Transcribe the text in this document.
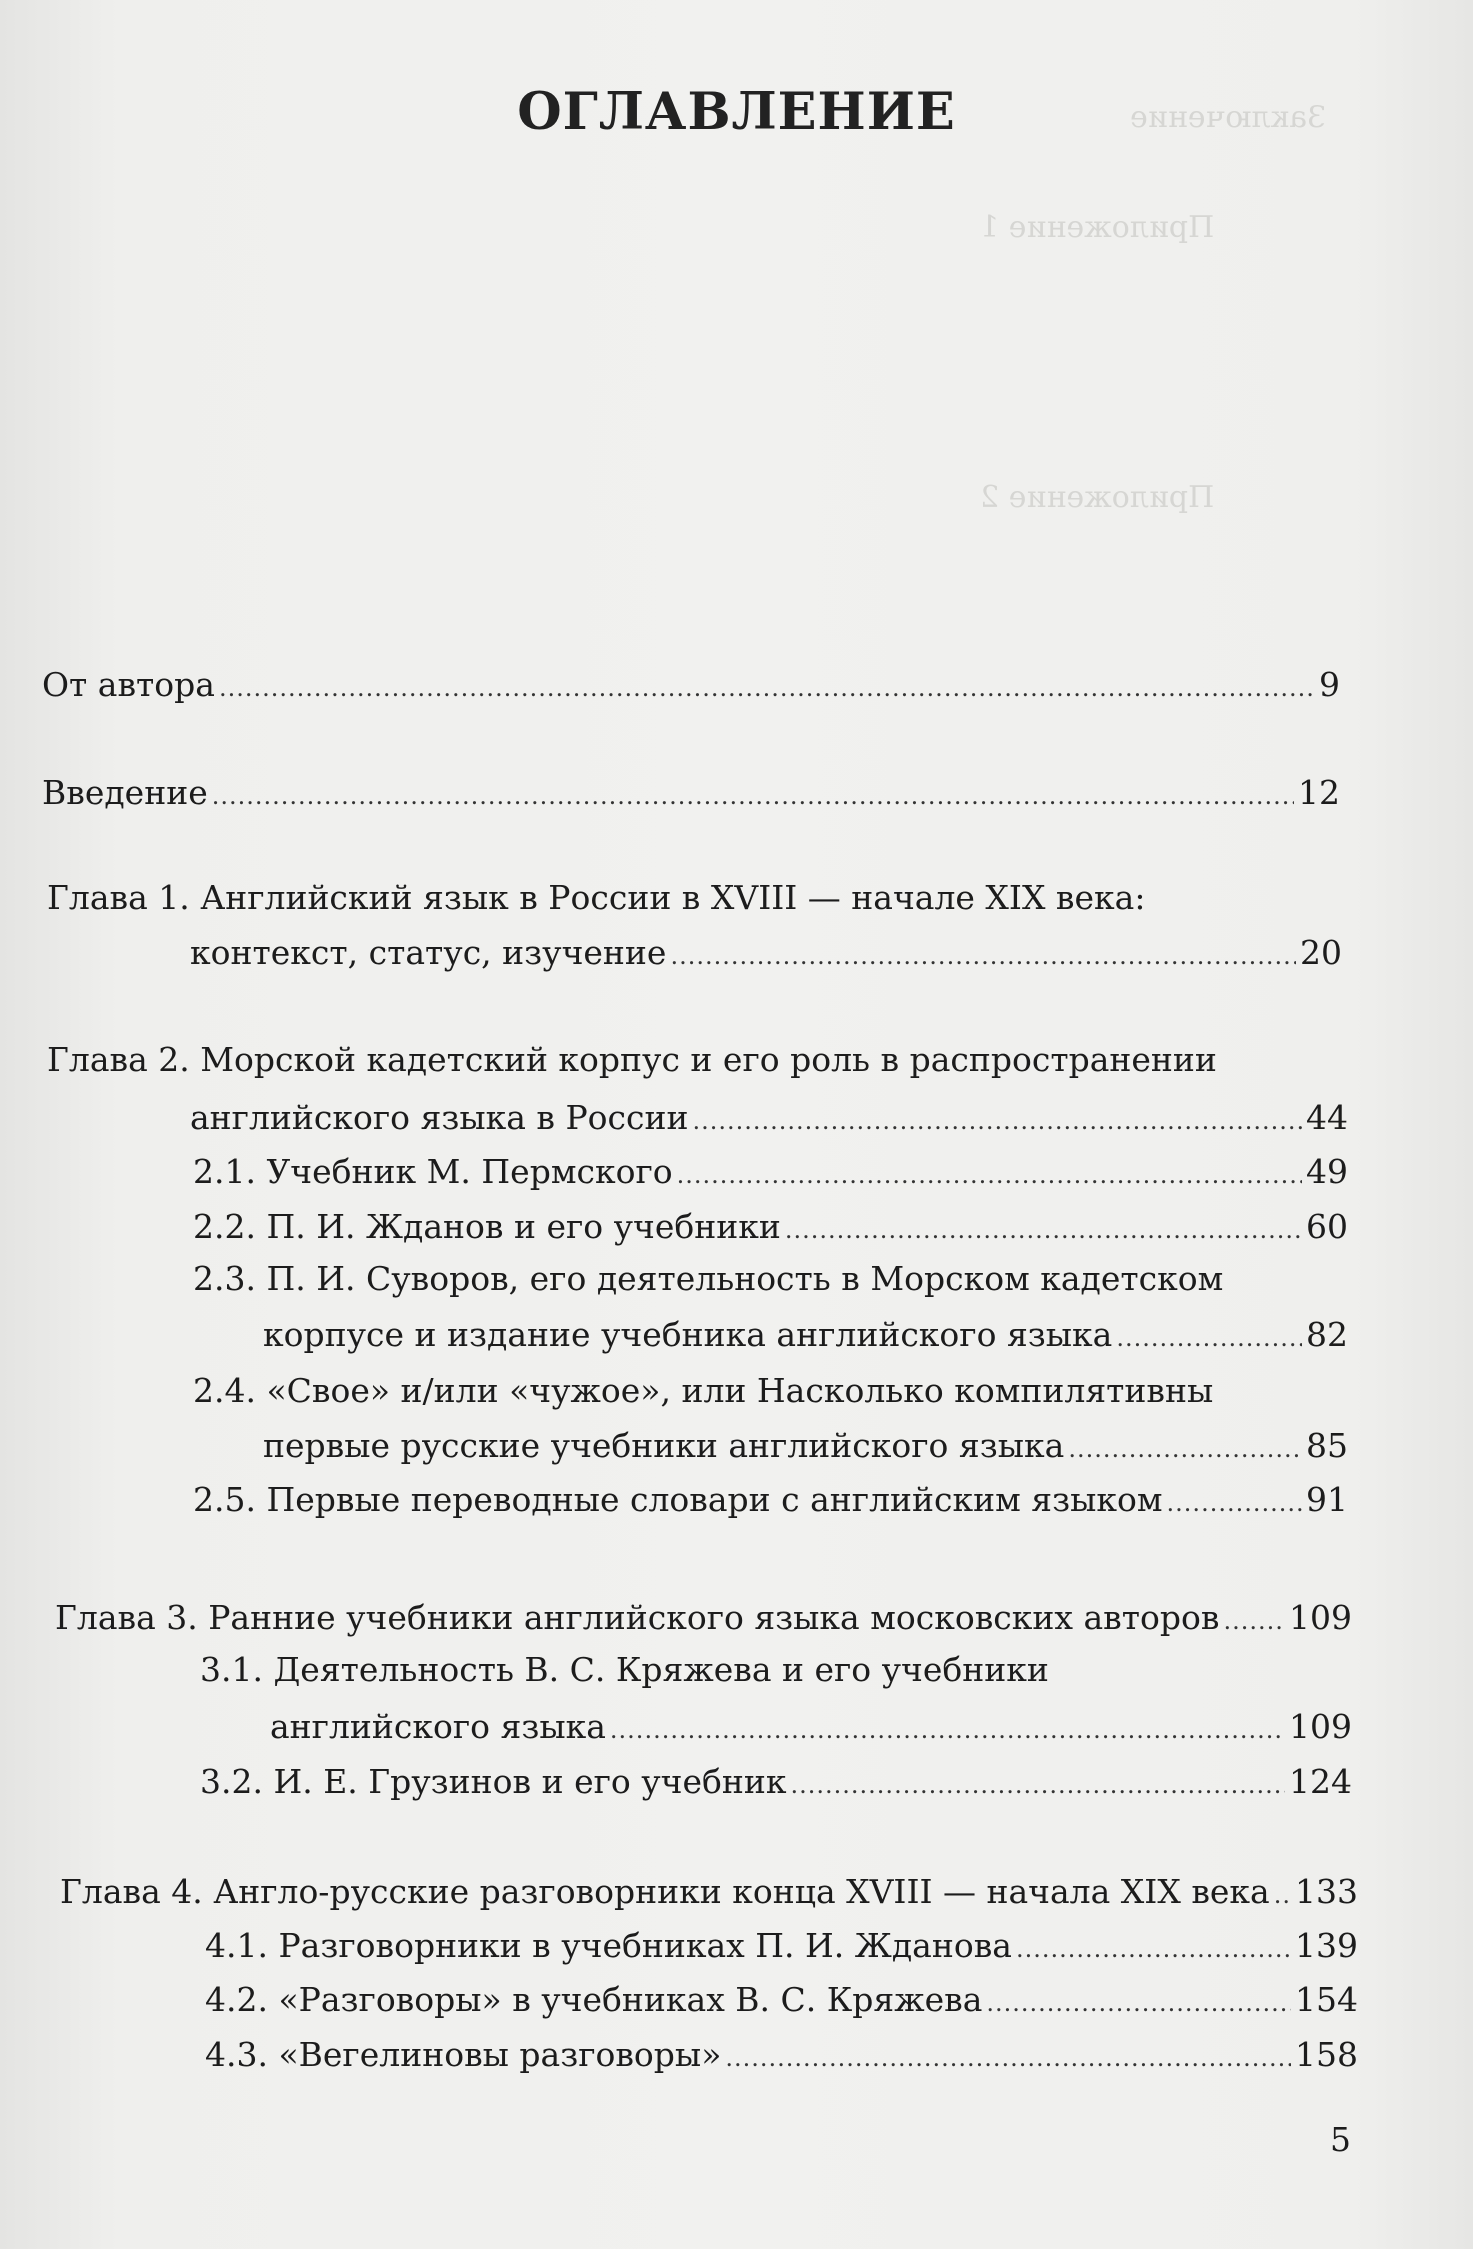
Заключение
Приложение 1
Приложение 2
ОГЛАВЛЕНИЕ
От автора .....	9
Введение .....	12
Глава 1. Английский язык в России в XVIII — начале XIX века:
контекст, статус, изучение .....	20
Глава 2. Морской кадетский корпус и его роль в распространении
английского языка в России .....	44
2.1. Учебник М. Пермского .....	49
2.2. П. И. Жданов и его учебники .....	60
2.3. П. И. Суворов, его деятельность в Морском кадетском
корпусе и издание учебника английского языка .....	82
2.4. «Свое» и/или «чужое», или Насколько компилятивны
первые русские учебники английского языка .....	85
2.5. Первые переводные словари с английским языком .....	91
Глава 3. Ранние учебники английского языка московских авторов ..... 109
3.1. Деятельность В. С. Кряжева и его учебники
английского языка .....	109
3.2. И. Е. Грузинов и его учебник .....	124
Глава 4. Англо-русские разговорники конца XVIII — начала XIX века ..... 133
4.1. Разговорники в учебниках П. И. Жданова .....	139
4.2. «Разговоры» в учебниках В. С. Кряжева .....	154
4.3. «Вегелиновы разговоры» .....	158
5
